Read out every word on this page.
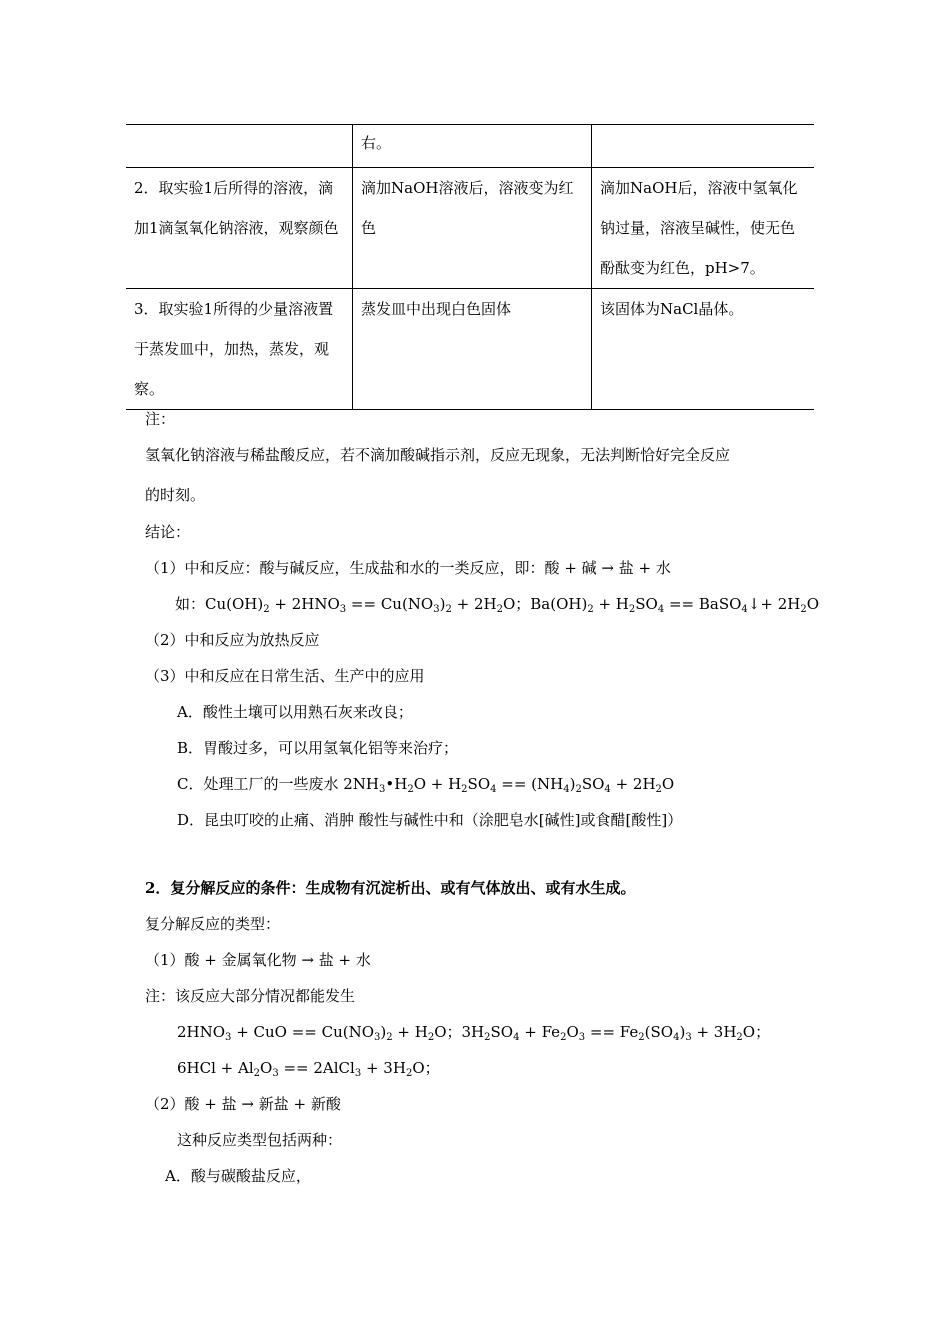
	右。	
2．取实验1后所得的溶液，滴加1滴氢氧化钠溶液，观察颜色	滴加NaOH溶液后，溶液变为红色	滴加NaOH后，溶液中氢氧化钠过量，溶液呈碱性，使无色酚酞变为红色，pH>7。
3．取实验1所得的少量溶液置于蒸发皿中，加热，蒸发，观察。	蒸发皿中出现白色固体	该固体为NaCl晶体。
注：
氢氧化钠溶液与稀盐酸反应，若不滴加酸碱指示剂，反应无现象，无法判断恰好完全反应
的时刻。
结论：
（1）中和反应：酸与碱反应，生成盐和水的一类反应，即：酸 + 碱 → 盐 + 水
如：$Cu(OH)_2 + 2HNO_3 == Cu(NO_3)_2 + 2H_2O$；$Ba(OH)_2 + H_2SO_4$ == BaSO$_4$↓+ $2H_2O$
（2）中和反应为放热反应
（3）中和反应在日常生活、生产中的应用
A．酸性土壤可以用熟石灰来改良；
B．胃酸过多，可以用氢氧化铝等来治疗；
C．处理工厂的一些废水 $2NH_3•H_2O + H_2SO_4 == (NH_4)_2SO_4 + 2H_2O$
D．昆虫叮咬的止痛、消肿 酸性与碱性中和（涂肥皂水[碱性]或食醋[酸性]）
2．复分解反应的条件：生成物有沉淀析出、或有气体放出、或有水生成。
复分解反应的类型：
（1）酸 + 金属氧化物 → 盐 + 水
注：该反应大部分情况都能发生
$2HNO_3$ + CuO == $Cu(NO_3)_2 + H_2O$；$3H_2SO_4 + Fe_2O_3 == Fe_2(SO_4)_3 + 3H_2O$；
$6HCl + Al_2O_3$ == 2AlCl$_3$ + $3H_2O$；
（2）酸 + 盐 → 新盐 + 新酸
这种反应类型包括两种：
A．酸与碳酸盐反应，
